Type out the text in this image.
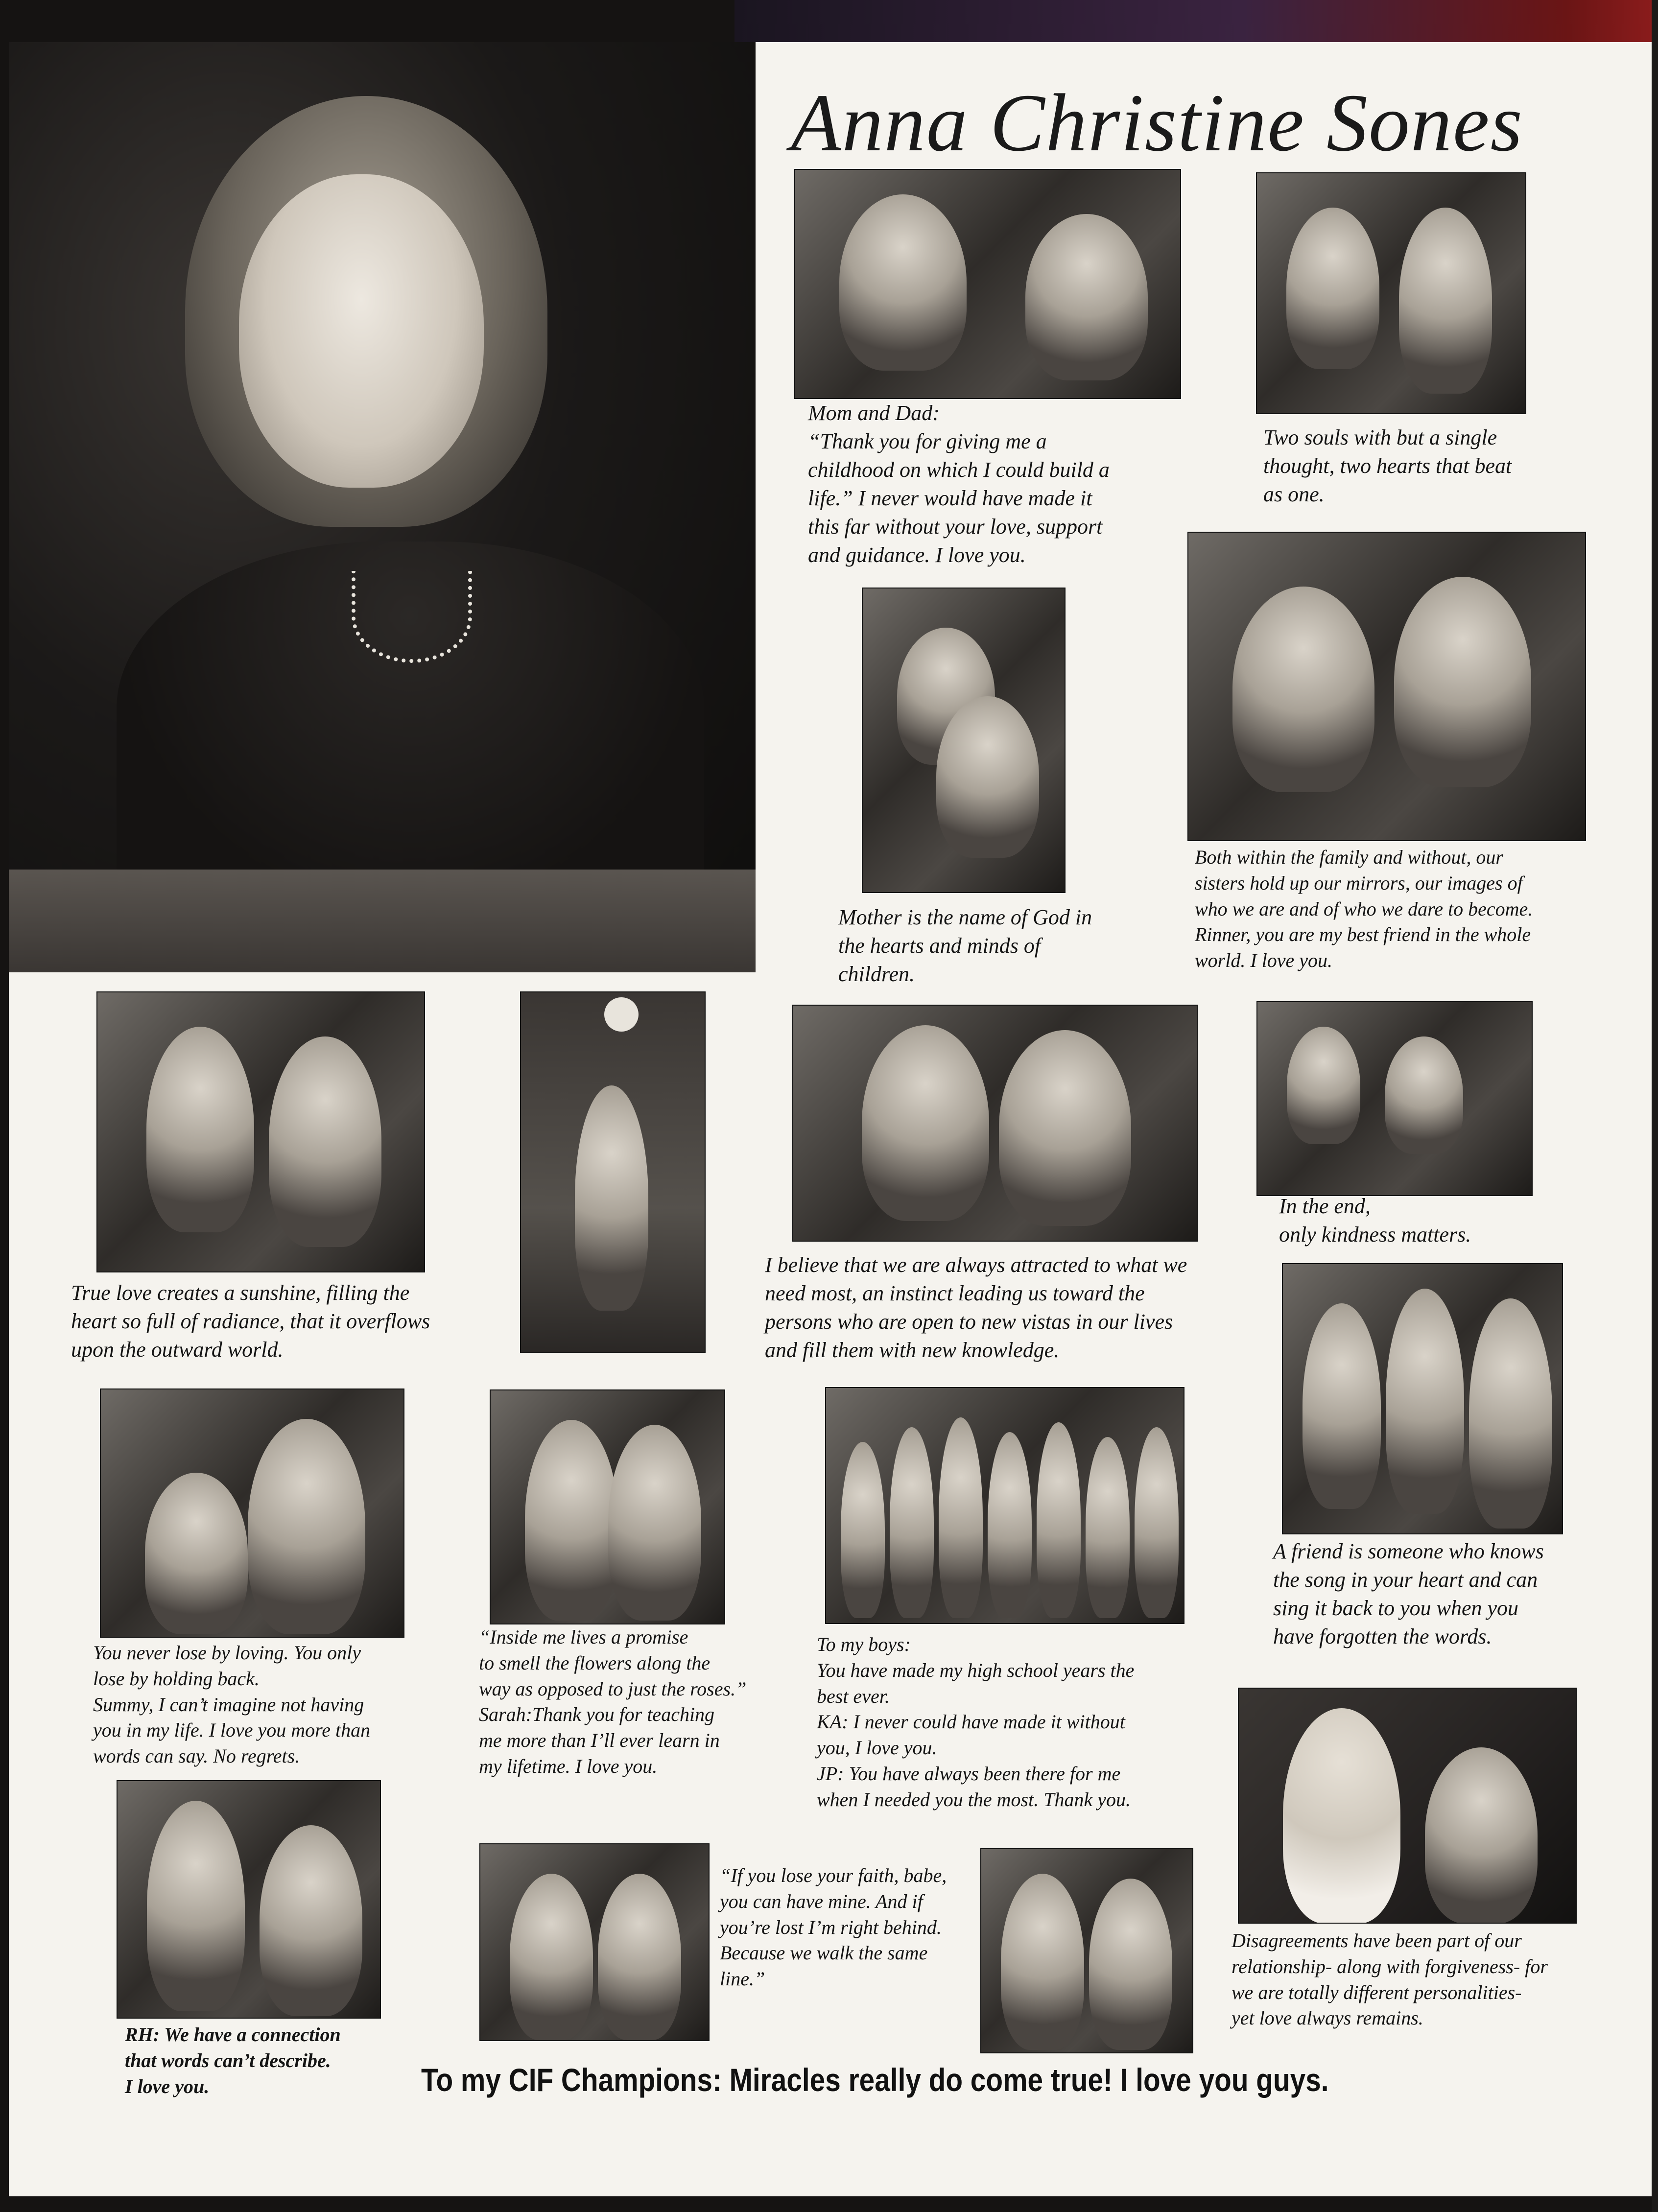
Anna Christine Sones
Mom and Dad:
“Thank you for giving me a
childhood on which I could build a
life.” I never would have made it
this far without your love, support
and guidance. I love you.
Two souls with but a single
thought, two hearts that beat
as one.
Mother is the name of God in
the hearts and minds of
children.
Both within the family and without, our
sisters hold up our mirrors, our images of
who we are and of who we dare to become.
Rinner, you are my best friend in the whole
world. I love you.
True love creates a sunshine, filling the
heart so full of radiance, that it overflows
upon the outward world.
I believe that we are always attracted to what we
need most, an instinct leading us toward the
persons who are open to new vistas in our lives
and fill them with new knowledge.
In the end,
only kindness matters.
A friend is someone who knows
the song in your heart and can
sing it back to you when you
have forgotten the words.
You never lose by loving. You only
lose by holding back.
Summy, I can’t imagine not having
you in my life. I love you more than
words can say. No regrets.
“Inside me lives a promise
to smell the flowers along the
way as opposed to just the roses.”
Sarah:Thank you for teaching
me more than I’ll ever learn in
my lifetime. I love you.
To my boys:
You have made my high school years the
best ever.
KA: I never could have made it without
you, I love you.
JP: You have always been there for me
when I needed you the most. Thank you.
Disagreements have been part of our
relationship- along with forgiveness- for
we are totally different personalities-
yet love always remains.
RH: We have a connection
that words can’t describe.
I love you.
“If you lose your faith, babe,
you can have mine. And if
you’re lost I’m right behind.
Because we walk the same
line.”
To my CIF Champions: Miracles really do come true! I love you guys.
